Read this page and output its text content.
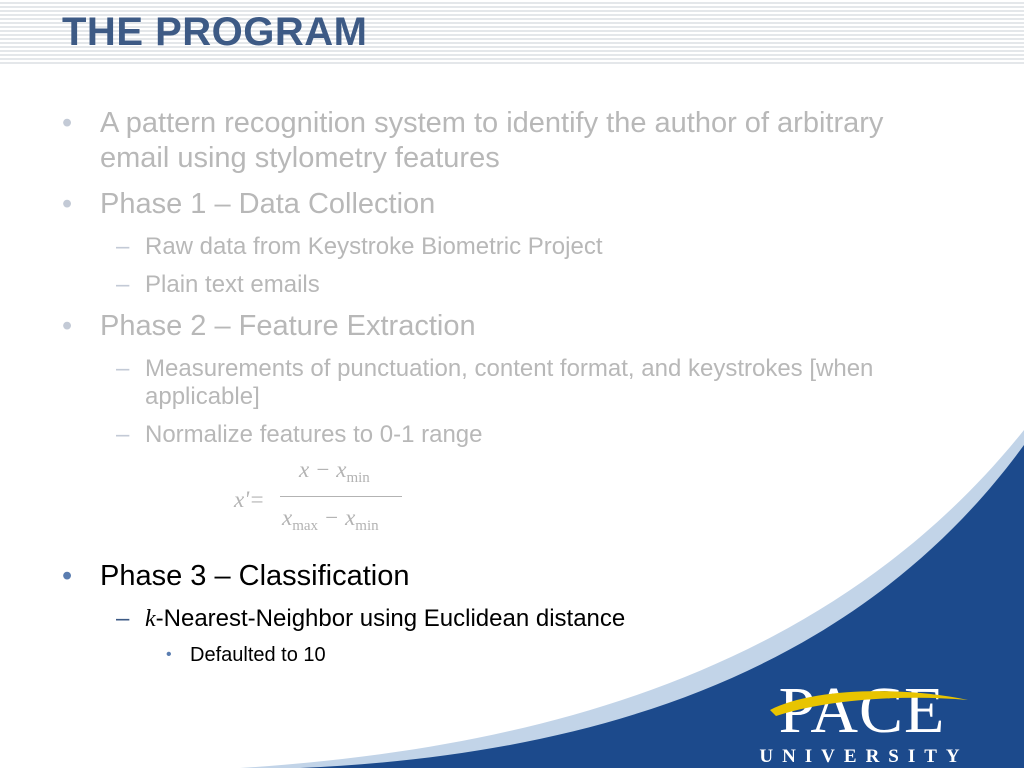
THE PROGRAM
• A pattern recognition system to identify the author of arbitrary email using stylometry features
• Phase 1 – Data Collection
– Raw data from Keystroke Biometric Project
– Plain text emails
• Phase 2 – Feature Extraction
– Measurements of punctuation, content format, and keystrokes [when applicable]
– Normalize features to 0-1 range
x'=
$x - x_{min}$
$x_{max} - x_{min}$
• Phase 3 – Classification
– k-Nearest-Neighbor using Euclidean distance
• Defaulted to 10
PACE
UNIVERSITY
